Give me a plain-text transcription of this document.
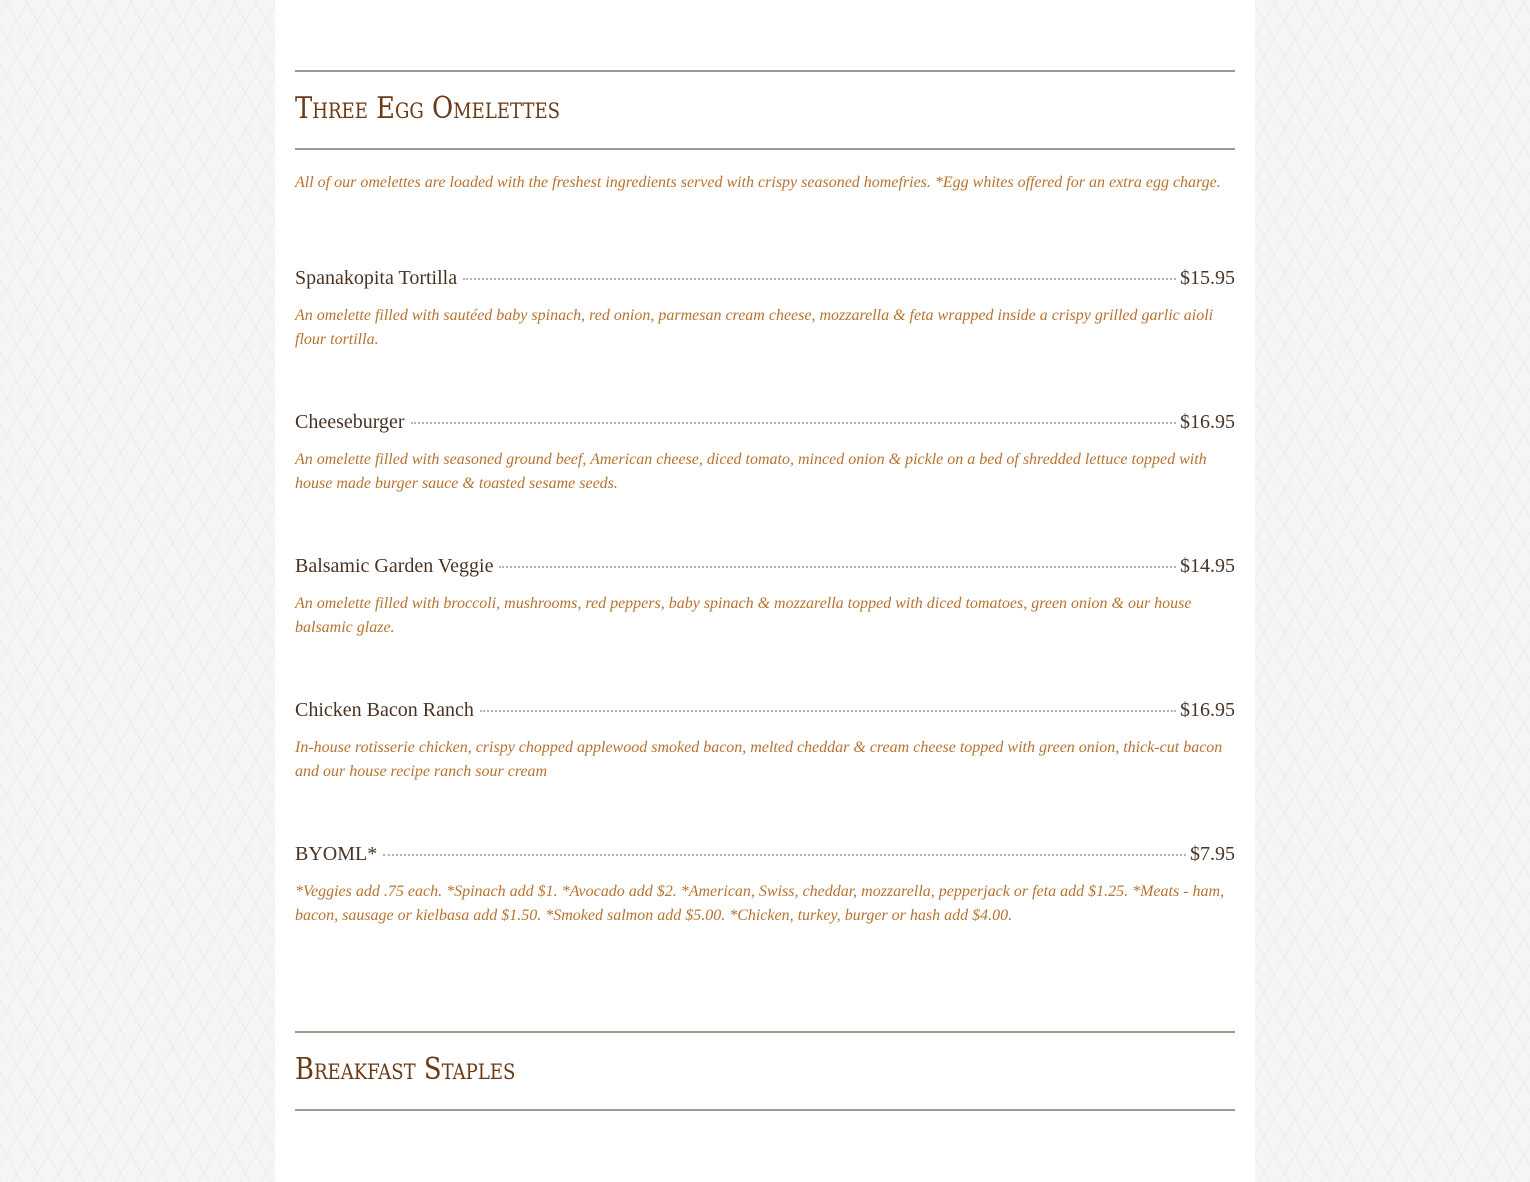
Three Egg Omelettes

All of our omelettes are loaded with the freshest ingredients served with crispy seasoned homefries. *Egg whites offered for an extra egg charge.

Spanakopita Tortilla	$15.95

An omelette filled with sautéed baby spinach, red onion, parmesan cream cheese, mozzarella & feta wrapped inside a crispy grilled garlic aioli flour tortilla.

Cheeseburger	$16.95

An omelette filled with seasoned ground beef, American cheese, diced tomato, minced onion & pickle on a bed of shredded lettuce topped with house made burger sauce & toasted sesame seeds.

Balsamic Garden Veggie	$14.95

An omelette filled with broccoli, mushrooms, red peppers, baby spinach & mozzarella topped with diced tomatoes, green onion & our house balsamic glaze.

Chicken Bacon Ranch	$16.95

In-house rotisserie chicken, crispy chopped applewood smoked bacon, melted cheddar & cream cheese topped with green onion, thick-cut bacon and our house recipe ranch sour cream

BYOML*	$7.95

*Veggies add .75 each. *Spinach add $1. *Avocado add $2. *American, Swiss, cheddar, mozzarella, pepperjack or feta add $1.25. *Meats - ham, bacon, sausage or kielbasa add $1.50. *Smoked salmon add $5.00. *Chicken, turkey, burger or hash add $4.00.

Breakfast Staples
